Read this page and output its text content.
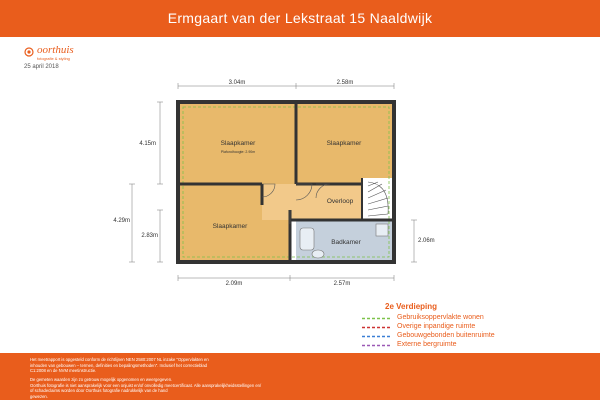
Ermgaart van der Lekstraat 15 Naaldwijk
oorthuis
fotografie & styling
25 april 2018
3.04m	2.58m
2.09m	2.57m
4.15m
4.29m
2.83m
2.06m
Slaapkamer
Plafondhoogte: 2.90m
Slaapkamer
Slaapkamer
Overloop
Badkamer
2e Verdieping
Gebruiksoppervlakte wonen
Overige inpandige ruimte
Gebouwgebonden buitenruimte
Externe bergruimte
Het meetrapport is opgesteld conform de richtlijnen NEN 2580:2007 NL inzake "Oppervlakten en
inhouden van gebouwen – termen, definities en bepalingsmethoden". Inclusief het correctieblad
C1:2008 en de NVM meetinstructie.
De gemeten waarden zijn zo getrouw mogelijk opgenomen en weergegeven.
Oorthuis fotografie is niet aansprakelijk voor een onjuist en/of onvolledig meetcertificaat. Alle aansprakelijkheidsstellingen en/
of schadeclaims worden door Oorthuis fotografie nadrukkelijk van de hand
gewezen.
